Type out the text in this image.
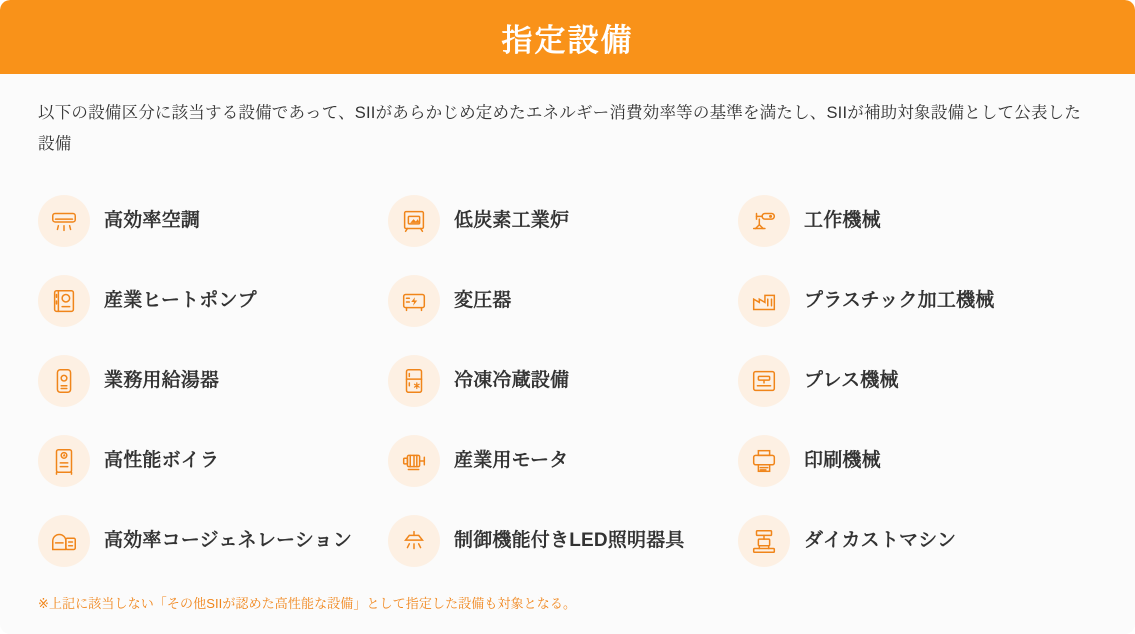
指定設備

以下の設備区分に該当する設備であって、SIIがあらかじめ定めたエネルギー消費効率等の基準を満たし、SIIが補助対象設備として公表した設備

高効率空調	低炭素工業炉	工作機械
産業ヒートポンプ	変圧器	プラスチック加工機械
業務用給湯器	冷凍冷蔵設備	プレス機械
高性能ボイラ	産業用モータ	印刷機械
高効率コージェネレーション	制御機能付きLED照明器具	ダイカストマシン
※上記に該当しない「その他SIIが認めた高性能な設備」として指定した設備も対象となる。
